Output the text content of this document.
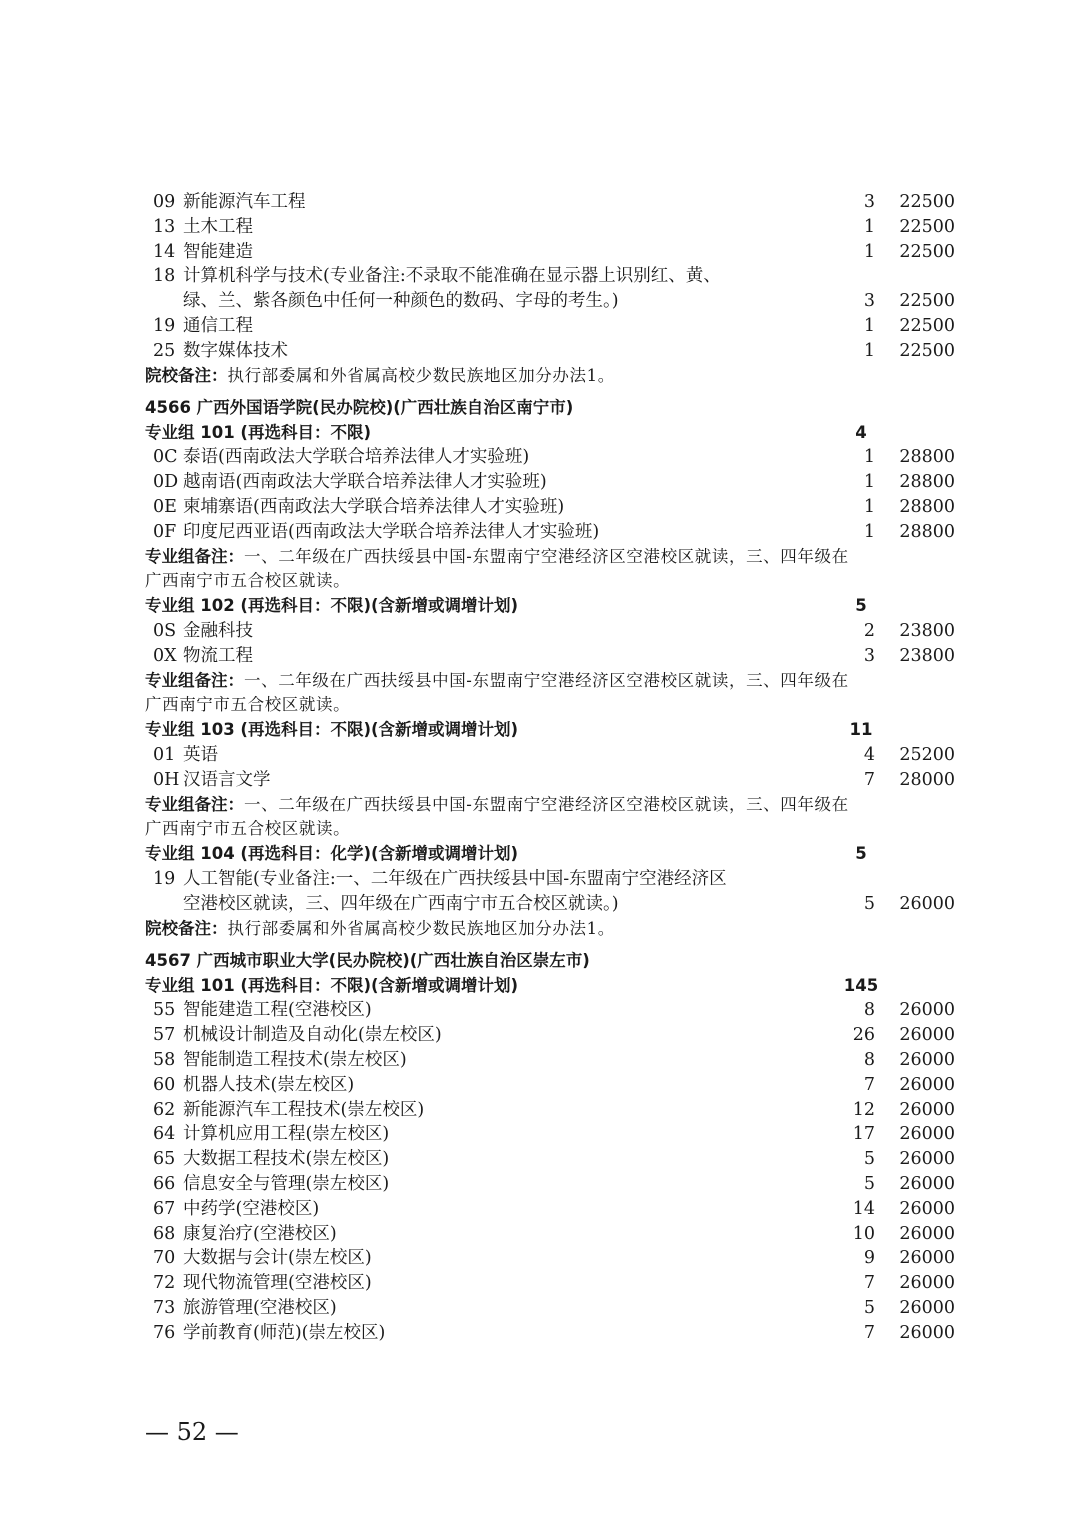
09 新能源汽车工程	3 22500
13 土木工程	1 22500
14 智能建造	1 22500
18 计算机科学与技术(专业备注:不录取不能准确在显示器上识别红、黄、
绿、兰、紫各颜色中任何一种颜色的数码、字母的考生。)	3 22500
19 通信工程	1 22500
25 数字媒体技术	1 22500
院校备注：执行部委属和外省属高校少数民族地区加分办法1。
4566 广西外国语学院(民办院校)(广西壮族自治区南宁市)
专业组 101 (再选科目：不限)	4
0C 泰语(西南政法大学联合培养法律人才实验班)	1 28800
0D 越南语(西南政法大学联合培养法律人才实验班)	1 28800
0E 柬埔寨语(西南政法大学联合培养法律人才实验班)	1 28800
0F 印度尼西亚语(西南政法大学联合培养法律人才实验班)	1 28800
专业组备注：一、二年级在广西扶绥县中国-东盟南宁空港经济区空港校区就读，三、四年级在
广西南宁市五合校区就读。
专业组 102 (再选科目：不限)(含新增或调增计划)	5
0S 金融科技	2 23800
0X 物流工程	3 23800
专业组备注：一、二年级在广西扶绥县中国-东盟南宁空港经济区空港校区就读，三、四年级在
广西南宁市五合校区就读。
专业组 103 (再选科目：不限)(含新增或调增计划)	11
01 英语	4 25200
0H 汉语言文学	7 28000
专业组备注：一、二年级在广西扶绥县中国-东盟南宁空港经济区空港校区就读，三、四年级在
广西南宁市五合校区就读。
专业组 104 (再选科目：化学)(含新增或调增计划)	5
19 人工智能(专业备注:一、二年级在广西扶绥县中国-东盟南宁空港经济区
空港校区就读，三、四年级在广西南宁市五合校区就读。)	5 26000
院校备注：执行部委属和外省属高校少数民族地区加分办法1。
4567 广西城市职业大学(民办院校)(广西壮族自治区崇左市)
专业组 101 (再选科目：不限)(含新增或调增计划)	145
55 智能建造工程(空港校区)	8 26000
57 机械设计制造及自动化(崇左校区)	26 26000
58 智能制造工程技术(崇左校区)	8 26000
60 机器人技术(崇左校区)	7 26000
62 新能源汽车工程技术(崇左校区)	12 26000
64 计算机应用工程(崇左校区)	17 26000
65 大数据工程技术(崇左校区)	5 26000
66 信息安全与管理(崇左校区)	5 26000
67 中药学(空港校区)	14 26000
68 康复治疗(空港校区)	10 26000
70 大数据与会计(崇左校区)	9 26000
72 现代物流管理(空港校区)	7 26000
73 旅游管理(空港校区)	5 26000
76 学前教育(师范)(崇左校区)	7 26000
— 52 —
